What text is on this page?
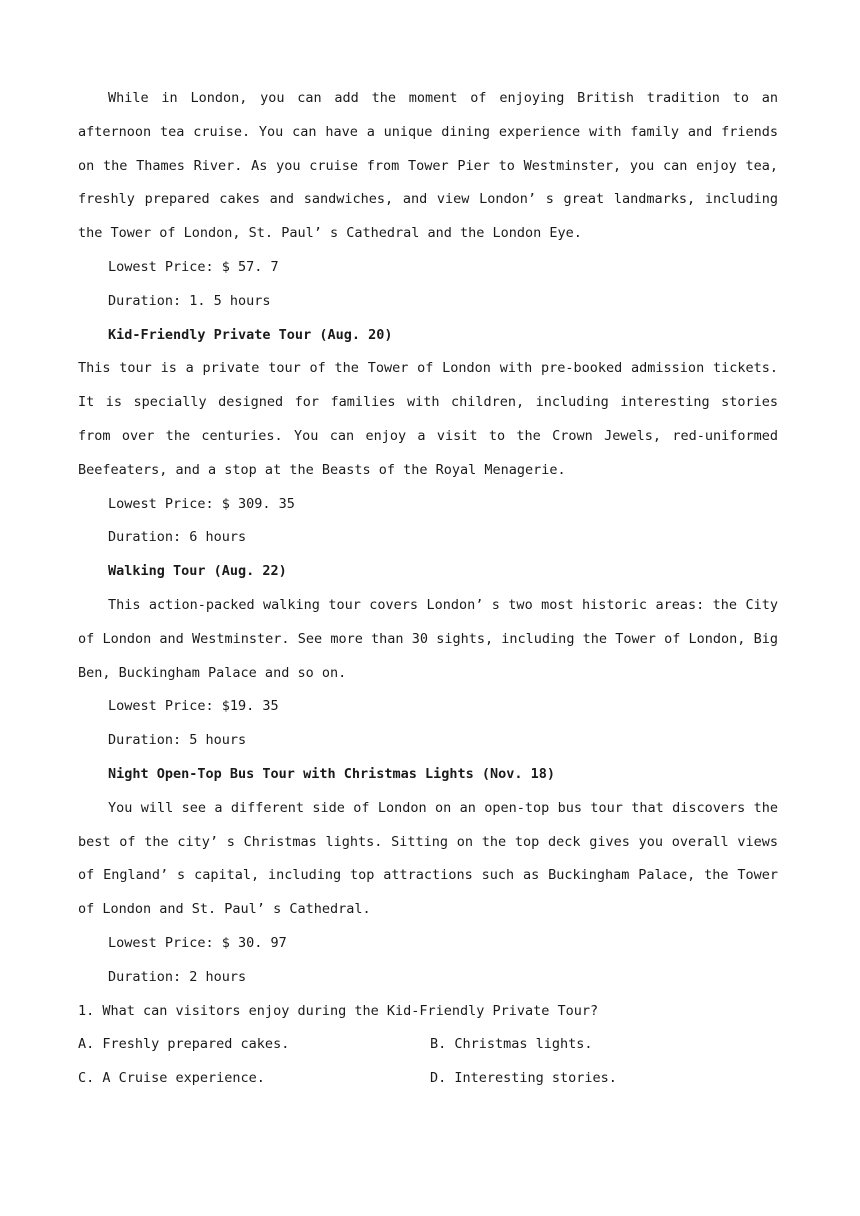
While in London, you can add the moment of enjoying British tradition to an afternoon tea cruise. You can have a unique dining experience with family and friends on the Thames River. As you cruise from Tower Pier to Westminster, you can enjoy tea, freshly prepared cakes and sandwiches, and view London’ s great landmarks, including the Tower of London, St. Paul’ s Cathedral and the London Eye.

Lowest Price: $ 57. 7

Duration: 1. 5 hours

Kid-Friendly Private Tour (Aug. 20)

This tour is a private tour of the Tower of London with pre-booked admission tickets. It is specially designed for families with children, including interesting stories from over the centuries. You can enjoy a visit to the Crown Jewels, red-uniformed Beefeaters, and a stop at the Beasts of the Royal Menagerie.

Lowest Price: $ 309. 35

Duration: 6 hours

Walking Tour (Aug. 22)

This action-packed walking tour covers London’ s two most historic areas: the City of London and Westminster. See more than 30 sights, including the Tower of London, Big Ben, Buckingham Palace and so on.

Lowest Price: $19. 35

Duration: 5 hours

Night Open-Top Bus Tour with Christmas Lights (Nov. 18)

You will see a different side of London on an open-top bus tour that discovers the best of the city’ s Christmas lights. Sitting on the top deck gives you overall views of England’ s capital, including top attractions such as Buckingham Palace, the Tower of London and St. Paul’ s Cathedral.

Lowest Price: $ 30. 97

Duration: 2 hours

1. What can visitors enjoy during the Kid-Friendly Private Tour?

A. Freshly prepared cakes.	B. Christmas lights.
C. A Cruise experience.	D. Interesting stories.
